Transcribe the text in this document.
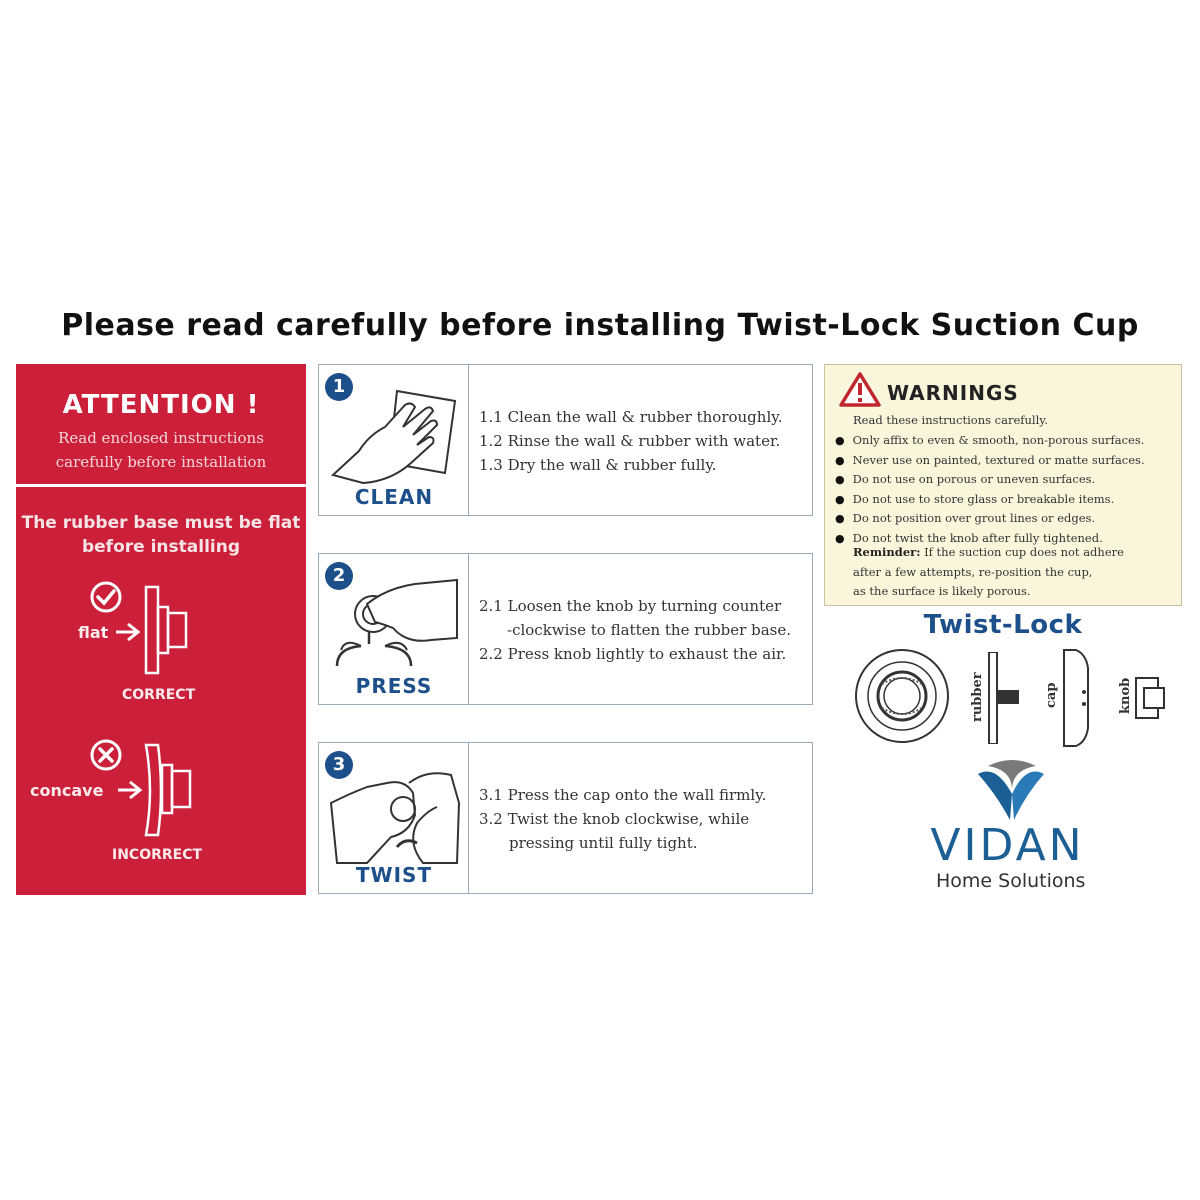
Please read carefully before installing Twist-Lock Suction Cup
ATTENTION !
Read enclosed instructions
carefully before installation
The rubber base must be flat
before installing
flat
CORRECT
concave
INCORRECT
1
CLEAN
1.1 Clean the wall & rubber thoroughly.
1.2 Rinse the wall & rubber with water.
1.3 Dry the wall & rubber fully.
2
PRESS
2.1 Loosen the knob by turning counter
-clockwise to flatten the rubber base.
2.2 Press knob lightly to exhaust the air.
3
TWIST
3.1 Press the cap onto the wall firmly.
3.2 Twist the knob clockwise, while
pressing until fully tight.
WARNINGS
Read these instructions carefully.
● Only affix to even & smooth, non-porous surfaces.
● Never use on painted, textured or matte surfaces.
● Do not use on porous or uneven surfaces.
● Do not use to store glass or breakable items.
● Do not position over grout lines or edges.
● Do not twist the knob after fully tightened.
Reminder: If the suction cup does not adhere
after a few attempts, re-position the cup,
as the surface is likely porous.
Twist-Lock
rubber	cap	knob
VIDAN
Home Solutions
